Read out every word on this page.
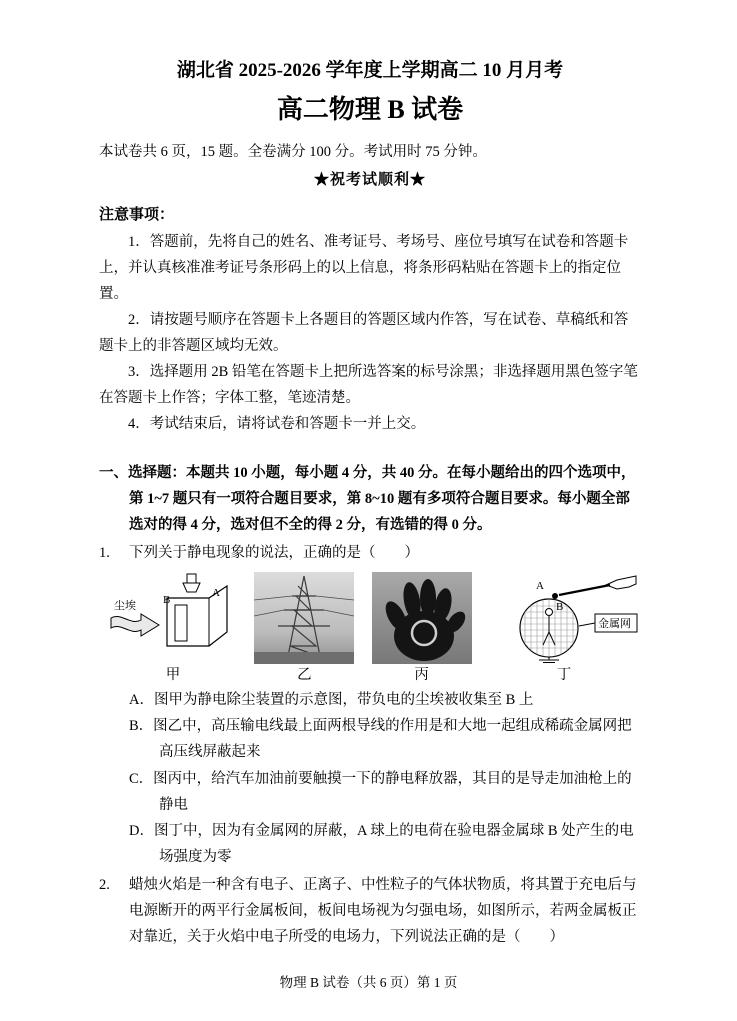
湖北省 2025-2026 学年度上学期高二 10 月月考
高二物理 B 试卷
本试卷共 6 页，15 题。全卷满分 100 分。考试用时 75 分钟。
★祝考试顺利★
注意事项：

1．答题前，先将自己的姓名、准考证号、考场号、座位号填写在试卷和答题卡上，并认真核准准考证号条形码上的以上信息，将条形码粘贴在答题卡上的指定位置。

2．请按题号顺序在答题卡上各题目的答题区域内作答，写在试卷、草稿纸和答题卡上的非答题区域均无效。

3．选择题用 2B 铅笔在答题卡上把所选答案的标号涂黑；非选择题用黑色签字笔在答题卡上作答；字体工整，笔迹清楚。

4．考试结束后，请将试卷和答题卡一并上交。

一、选择题：本题共 10 小题，每小题 4 分，共 40 分。在每小题给出的四个选项中，第 1~7 题只有一项符合题目要求，第 8~10 题有多项符合题目要求。每小题全部选对的得 4 分，选对但不全的得 2 分，有选错的得 0 分。

1. 下列关于静电现象的说法，正确的是（　　）

A
B
尘埃
甲	乙	丙
A
B
金属网
丁

A．图甲为静电除尘装置的示意图，带负电的尘埃被收集至 B 上

B．图乙中，高压输电线最上面两根导线的作用是和大地一起组成稀疏金属网把高压线屏蔽起来

C．图丙中，给汽车加油前要触摸一下的静电释放器，其目的是导走加油枪上的静电

D．图丁中，因为有金属网的屏蔽，A 球上的电荷在验电器金属球 B 处产生的电场强度为零

2. 蜡烛火焰是一种含有电子、正离子、中性粒子的气体状物质，将其置于充电后与电源断开的两平行金属板间，板间电场视为匀强电场，如图所示，若两金属板正对靠近，关于火焰中电子所受的电场力，下列说法正确的是（　　）

物理 B 试卷（共 6 页）第 1 页
